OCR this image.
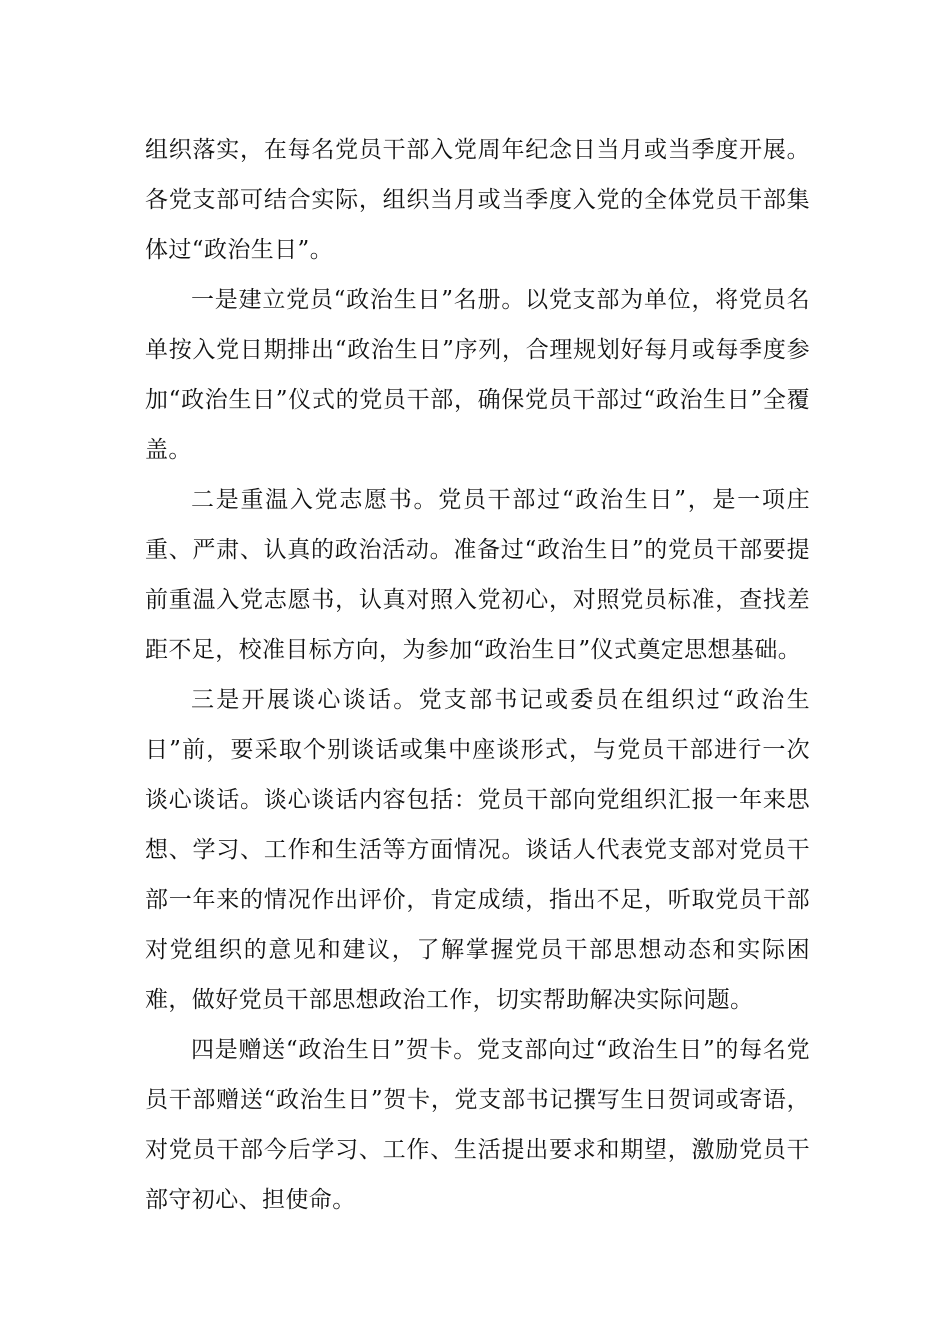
组织落实，在每名党员干部入党周年纪念日当月或当季度开展。各党支部可结合实际，组织当月或当季度入党的全体党员干部集体过“政治生日”。

一是建立党员“政治生日”名册。以党支部为单位，将党员名单按入党日期排出“政治生日”序列，合理规划好每月或每季度参加“政治生日”仪式的党员干部，确保党员干部过“政治生日”全覆盖。

二是重温入党志愿书。党员干部过“政治生日”，是一项庄重、严肃、认真的政治活动。准备过“政治生日”的党员干部要提前重温入党志愿书，认真对照入党初心，对照党员标准，查找差距不足，校准目标方向，为参加“政治生日”仪式奠定思想基础。

三是开展谈心谈话。党支部书记或委员在组织过“政治生日”前，要采取个别谈话或集中座谈形式，与党员干部进行一次谈心谈话。谈心谈话内容包括：党员干部向党组织汇报一年来思想、学习、工作和生活等方面情况。谈话人代表党支部对党员干部一年来的情况作出评价，肯定成绩，指出不足，听取党员干部对党组织的意见和建议，了解掌握党员干部思想动态和实际困难，做好党员干部思想政治工作，切实帮助解决实际问题。

四是赠送“政治生日”贺卡。党支部向过“政治生日”的每名党员干部赠送“政治生日”贺卡，党支部书记撰写生日贺词或寄语，对党员干部今后学习、工作、生活提出要求和期望，激励党员干部守初心、担使命。
